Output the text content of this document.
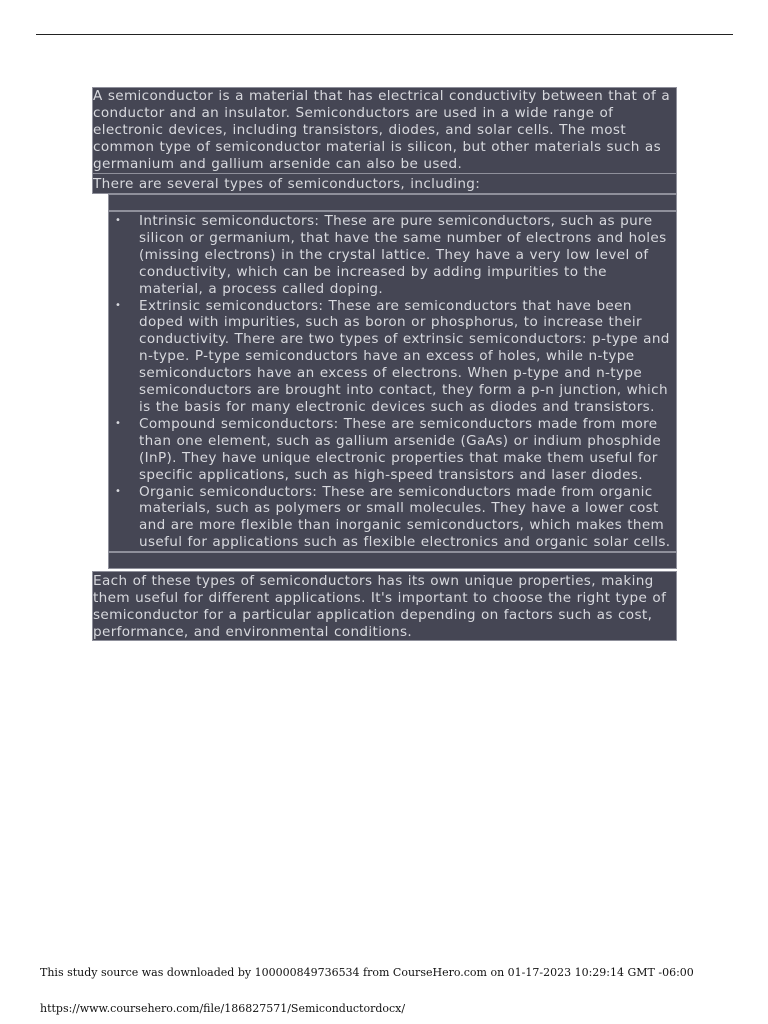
A semiconductor is a material that has electrical conductivity between that of a conductor and an insulator. Semiconductors are used in a wide range of electronic devices, including transistors, diodes, and solar cells. The most common type of semiconductor material is silicon, but other materials such as germanium and gallium arsenide can also be used.
There are several types of semiconductors, including:
• Intrinsic semiconductors: These are pure semiconductors, such as pure silicon or germanium, that have the same number of electrons and holes (missing electrons) in the crystal lattice. They have a very low level of conductivity, which can be increased by adding impurities to the material, a process called doping.
• Extrinsic semiconductors: These are semiconductors that have been doped with impurities, such as boron or phosphorus, to increase their conductivity. There are two types of extrinsic semiconductors: p-type and n-type. P-type semiconductors have an excess of holes, while n-type semiconductors have an excess of electrons. When p-type and n-type semiconductors are brought into contact, they form a p-n junction, which is the basis for many electronic devices such as diodes and transistors.
• Compound semiconductors: These are semiconductors made from more than one element, such as gallium arsenide (GaAs) or indium phosphide (InP). They have unique electronic properties that make them useful for specific applications, such as high-speed transistors and laser diodes.
• Organic semiconductors: These are semiconductors made from organic materials, such as polymers or small molecules. They have a lower cost and are more flexible than inorganic semiconductors, which makes them useful for applications such as flexible electronics and organic solar cells.
Each of these types of semiconductors has its own unique properties, making them useful for different applications. It's important to choose the right type of semiconductor for a particular application depending on factors such as cost, performance, and environmental conditions.
This study source was downloaded by 100000849736534 from CourseHero.com on 01-17-2023 10:29:14 GMT -06:00
https://www.coursehero.com/file/186827571/Semiconductordocx/
